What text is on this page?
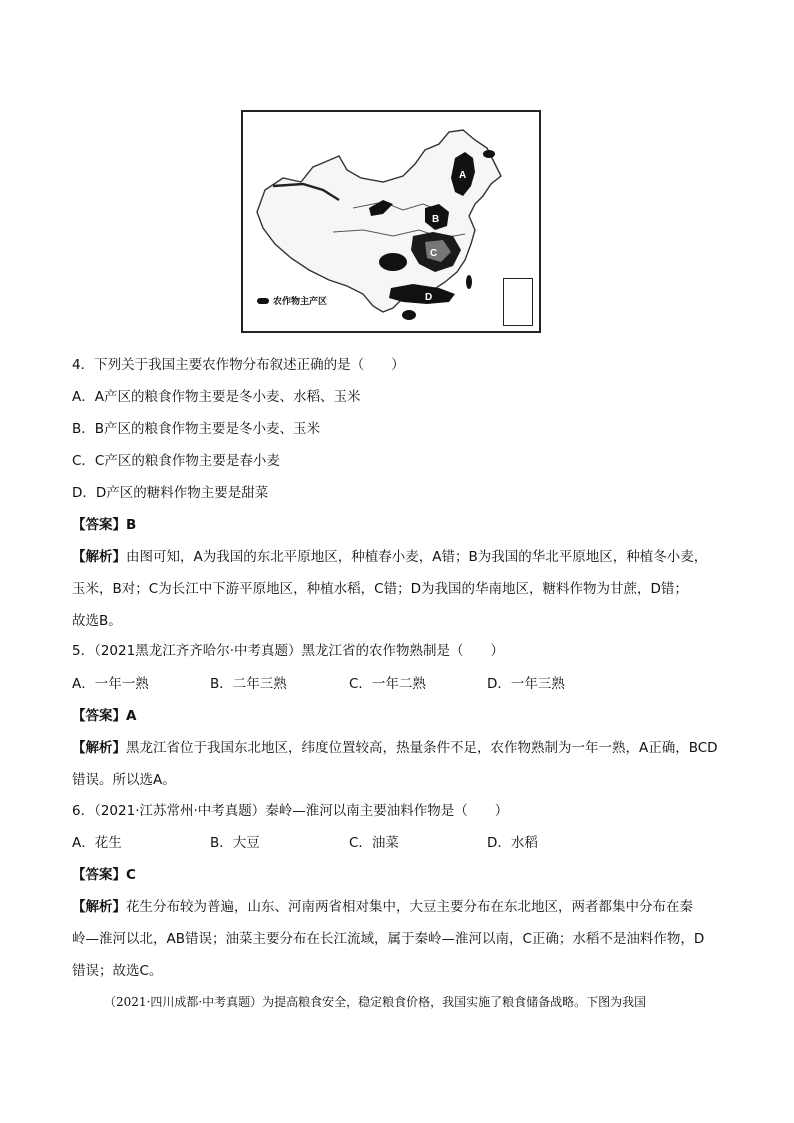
A
B
C
D
农作物主产区
4．下列关于我国主要农作物分布叙述正确的是（　　）
A．A产区的粮食作物主要是冬小麦、水稻、玉米
B．B产区的粮食作物主要是冬小麦、玉米
C．C产区的粮食作物主要是春小麦
D．D产区的糖料作物主要是甜菜
【答案】B
【解析】由图可知，A为我国的东北平原地区，种植春小麦，A错；B为我国的华北平原地区，种植冬小麦，
玉米，B对；C为长江中下游平原地区，种植水稻，C错；D为我国的华南地区，糖料作物为甘蔗，D错；
故选B。
5．（2021黑龙江齐齐哈尔·中考真题）黑龙江省的农作物熟制是（　　）
A．一年一熟	B．二年三熟	C．一年二熟	D．一年三熟
【答案】A
【解析】黑龙江省位于我国东北地区，纬度位置较高，热量条件不足，农作物熟制为一年一熟，A正确，BCD
错误。所以选A。
6．（2021·江苏常州·中考真题）秦岭—淮河以南主要油料作物是（　　）
A．花生	B．大豆	C．油菜	D．水稻
【答案】C
【解析】花生分布较为普遍，山东、河南两省相对集中，大豆主要分布在东北地区，两者都集中分布在秦
岭—淮河以北，AB错误；油菜主要分布在长江流域，属于秦岭—淮河以南，C正确；水稻不是油料作物，D
错误；故选C。
（2021·四川成都·中考真题）为提高粮食安全，稳定粮食价格，我国实施了粮食储备战略。下图为我国
